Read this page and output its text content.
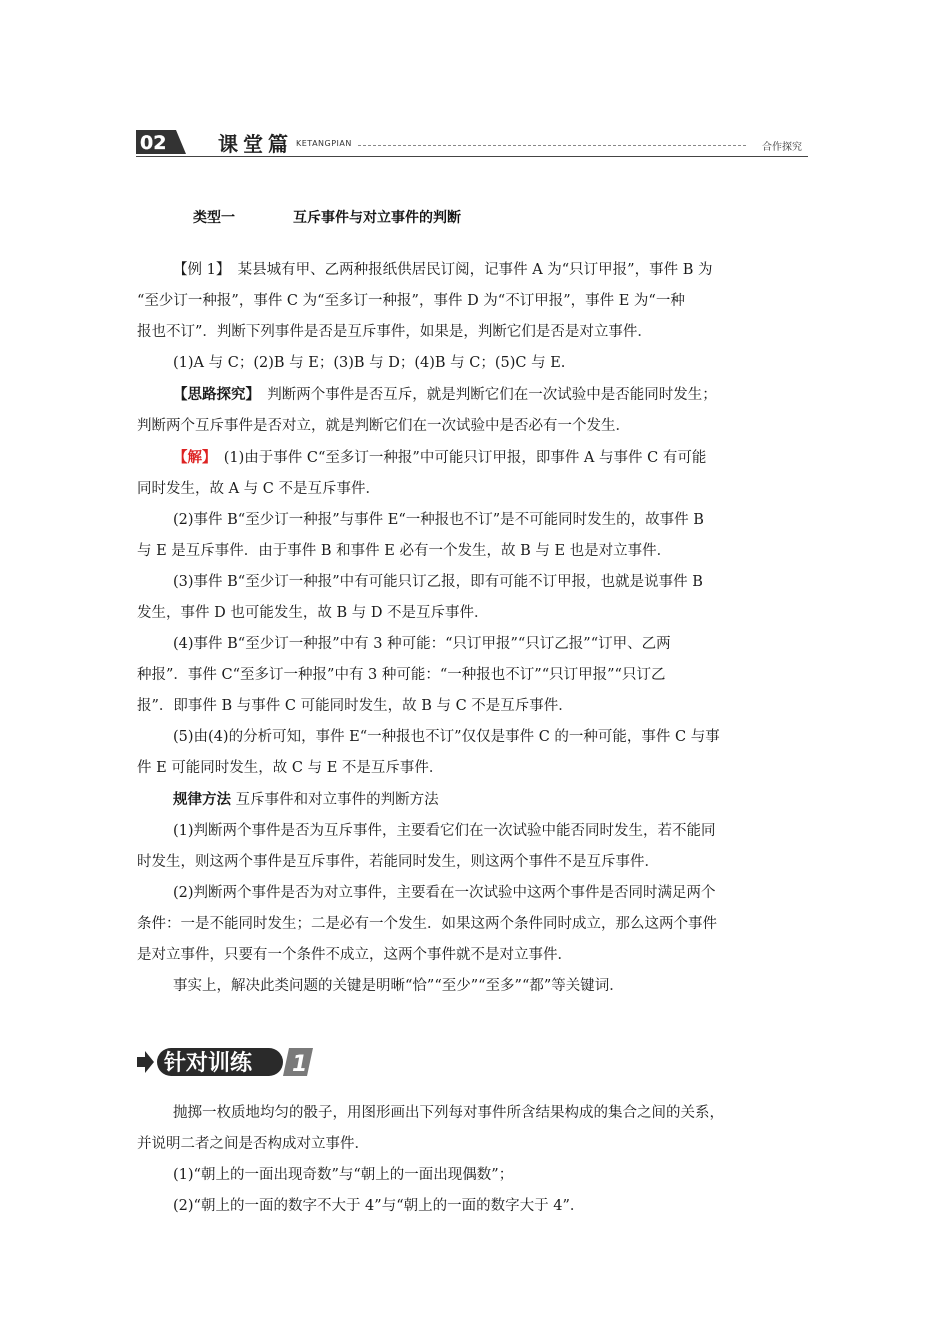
02	课堂篇 KETANGPIAN	合作探究
类型一	互斥事件与对立事件的判断

【例 1】　某县城有甲、乙两种报纸供居民订阅，记事件 A 为“只订甲报”，事件 B 为

“至少订一种报”，事件 C 为“至多订一种报”，事件 D 为“不订甲报”，事件 E 为“一种

报也不订”．判断下列事件是否是互斥事件，如果是，判断它们是否是对立事件．

(1)A 与 C；(2)B 与 E；(3)B 与 D；(4)B 与 C；(5)C 与 E.

【思路探究】　判断两个事件是否互斥，就是判断它们在一次试验中是否能同时发生；

判断两个互斥事件是否对立，就是判断它们在一次试验中是否必有一个发生．

【解】　(1)由于事件 C“至多订一种报”中可能只订甲报，即事件 A 与事件 C 有可能

同时发生，故 A 与 C 不是互斥事件．

(2)事件 B“至少订一种报”与事件 E“一种报也不订”是不可能同时发生的，故事件 B

与 E 是互斥事件．由于事件 B 和事件 E 必有一个发生，故 B 与 E 也是对立事件．

(3)事件 B“至少订一种报”中有可能只订乙报，即有可能不订甲报，也就是说事件 B

发生，事件 D 也可能发生，故 B 与 D 不是互斥事件．

(4)事件 B“至少订一种报”中有 3 种可能：“只订甲报”“只订乙报”“订甲、乙两

种报”．事件 C“至多订一种报”中有 3 种可能：“一种报也不订”“只订甲报”“只订乙

报”．即事件 B 与事件 C 可能同时发生，故 B 与 C 不是互斥事件．

(5)由(4)的分析可知，事件 E“一种报也不订”仅仅是事件 C 的一种可能，事件 C 与事

件 E 可能同时发生，故 C 与 E 不是互斥事件．

规律方法 互斥事件和对立事件的判断方法

(1)判断两个事件是否为互斥事件，主要看它们在一次试验中能否同时发生，若不能同

时发生，则这两个事件是互斥事件，若能同时发生，则这两个事件不是互斥事件．

(2)判断两个事件是否为对立事件，主要看在一次试验中这两个事件是否同时满足两个

条件：一是不能同时发生；二是必有一个发生．如果这两个条件同时成立，那么这两个事件

是对立事件，只要有一个条件不成立，这两个事件就不是对立事件．

事实上，解决此类问题的关键是明晰“恰”“至少”“至多”“都”等关键词．

针对训练 1

抛掷一枚质地均匀的骰子，用图形画出下列每对事件所含结果构成的集合之间的关系，

并说明二者之间是否构成对立事件．

(1)“朝上的一面出现奇数”与“朝上的一面出现偶数”；

(2)“朝上的一面的数字不大于 4”与“朝上的一面的数字大于 4”．
